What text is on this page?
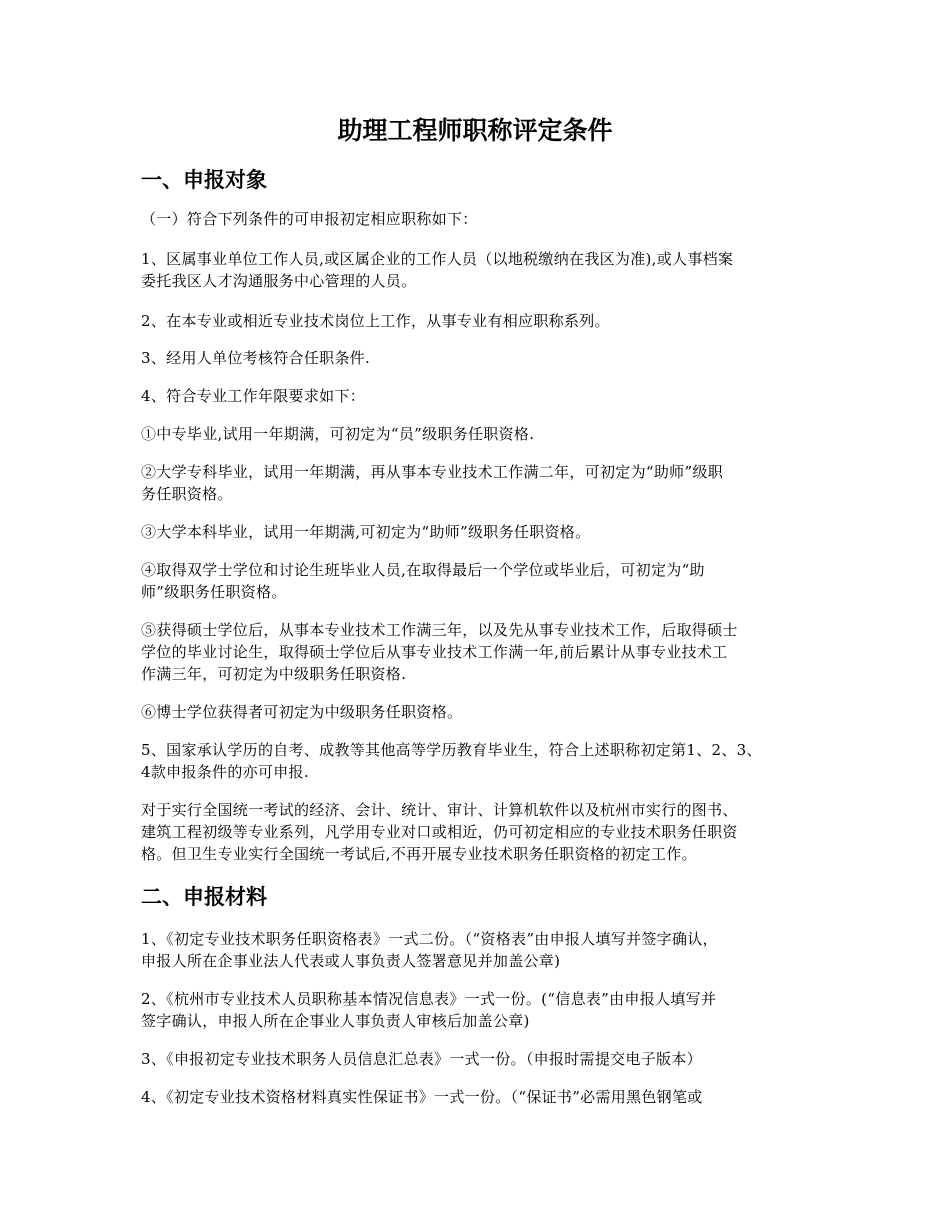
助理工程师职称评定条件
一、申报对象

（一）符合下列条件的可申报初定相应职称如下：

1、区属事业单位工作人员,或区属企业的工作人员（以地税缴纳在我区为准),或人事档案
委托我区人才沟通服务中心管理的人员。

2、在本专业或相近专业技术岗位上工作，从事专业有相应职称系列。

3、经用人单位考核符合任职条件.

4、符合专业工作年限要求如下：

①中专毕业,试用一年期满，可初定为“员”级职务任职资格.

②大学专科毕业，试用一年期满，再从事本专业技术工作满二年，可初定为“助师”级职
务任职资格。

③大学本科毕业，试用一年期满,可初定为“助师”级职务任职资格。

④取得双学士学位和讨论生班毕业人员,在取得最后一个学位或毕业后，可初定为“助
师”级职务任职资格。

⑤获得硕士学位后，从事本专业技术工作满三年，以及先从事专业技术工作，后取得硕士
学位的毕业讨论生，取得硕士学位后从事专业技术工作满一年,前后累计从事专业技术工
作满三年，可初定为中级职务任职资格.

⑥博士学位获得者可初定为中级职务任职资格。

5、国家承认学历的自考、成教等其他高等学历教育毕业生，符合上述职称初定第1、2、3、
4款申报条件的亦可申报.

对于实行全国统一考试的经济、会计、统计、审计、计算机软件以及杭州市实行的图书、
建筑工程初级等专业系列，凡学用专业对口或相近，仍可初定相应的专业技术职务任职资
格。但卫生专业实行全国统一考试后,不再开展专业技术职务任职资格的初定工作。

二、申报材料

1、《初定专业技术职务任职资格表》一式二份。（“资格表”由申报人填写并签字确认，
申报人所在企事业法人代表或人事负责人签署意见并加盖公章)

2、《杭州市专业技术人员职称基本情况信息表》一式一份。(“信息表”由申报人填写并
签字确认，申报人所在企事业人事负责人审核后加盖公章)

3、《申报初定专业技术职务人员信息汇总表》一式一份。（申报时需提交电子版本）

4、《初定专业技术资格材料真实性保证书》一式一份。（“保证书”必需用黑色钢笔或
